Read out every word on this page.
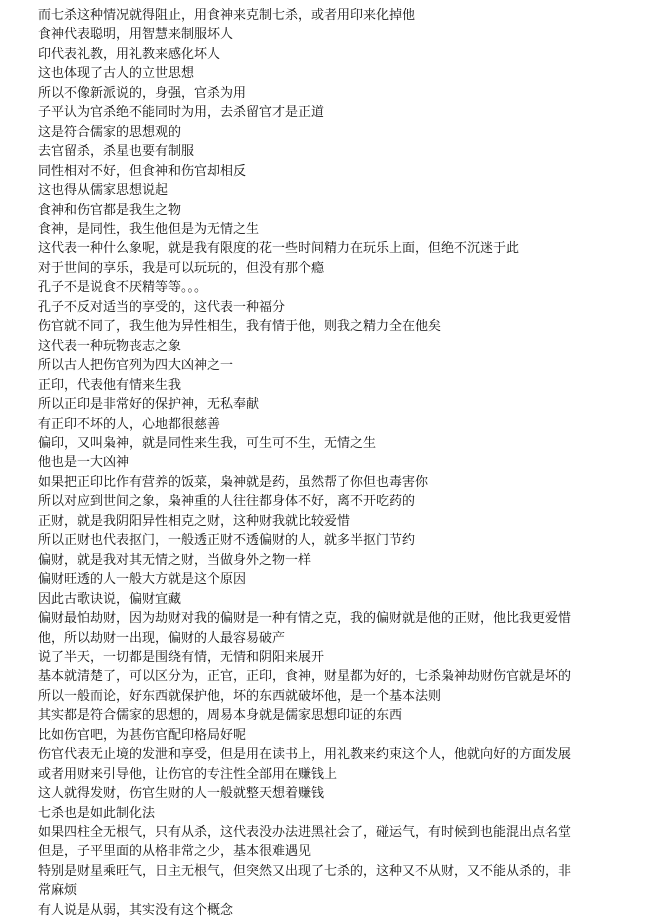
而七杀这种情况就得阻止，用食神来克制七杀，或者用印来化掉他
食神代表聪明，用智慧来制服坏人
印代表礼教，用礼教来感化坏人
这也体现了古人的立世思想
所以不像新派说的，身强，官杀为用
子平认为官杀绝不能同时为用，去杀留官才是正道
这是符合儒家的思想观的
去官留杀，杀星也要有制服
同性相对不好，但食神和伤官却相反
这也得从儒家思想说起
食神和伤官都是我生之物
食神，是同性，我生他但是为无情之生
这代表一种什么象呢，就是我有限度的花一些时间精力在玩乐上面，但绝不沉迷于此
对于世间的享乐，我是可以玩玩的，但没有那个瘾
孔子不是说食不厌精等等。。。
孔子不反对适当的享受的，这代表一种福分
伤官就不同了，我生他为异性相生，我有情于他，则我之精力全在他矣
这代表一种玩物丧志之象
所以古人把伤官列为四大凶神之一
正印，代表他有情来生我
所以正印是非常好的保护神，无私奉献
有正印不坏的人，心地都很慈善
偏印，又叫枭神，就是同性来生我，可生可不生，无情之生
他也是一大凶神
如果把正印比作有营养的饭菜，枭神就是药，虽然帮了你但也毒害你
所以对应到世间之象，枭神重的人往往都身体不好，离不开吃药的
正财，就是我阴阳异性相克之财，这种财我就比较爱惜
所以正财也代表抠门，一般透正财不透偏财的人，就多半抠门节约
偏财，就是我对其无情之财，当做身外之物一样
偏财旺透的人一般大方就是这个原因
因此古歌诀说，偏财宜藏
偏财最怕劫财，因为劫财对我的偏财是一种有情之克，我的偏财就是他的正财，他比我更爱惜
他，所以劫财一出现，偏财的人最容易破产
说了半天，一切都是围绕有情，无情和阴阳来展开
基本就清楚了，可以区分为，正官，正印，食神，财星都为好的，七杀枭神劫财伤官就是坏的
所以一般而论，好东西就保护他，坏的东西就破坏他，是一个基本法则
其实都是符合儒家的思想的，周易本身就是儒家思想印证的东西
比如伤官吧，为甚伤官配印格局好呢
伤官代表无止境的发泄和享受，但是用在读书上，用礼教来约束这个人，他就向好的方面发展
或者用财来引导他，让伤官的专注性全部用在赚钱上
这人就得发财，伤官生财的人一般就整天想着赚钱
七杀也是如此制化法
如果四柱全无根气，只有从杀，这代表没办法进黑社会了，碰运气，有时候到也能混出点名堂
但是，子平里面的从格非常之少，基本很难遇见
特别是财星乘旺气，日主无根气，但突然又出现了七杀的，这种又不从财，又不能从杀的，非
常麻烦
有人说是从弱，其实没有这个概念
